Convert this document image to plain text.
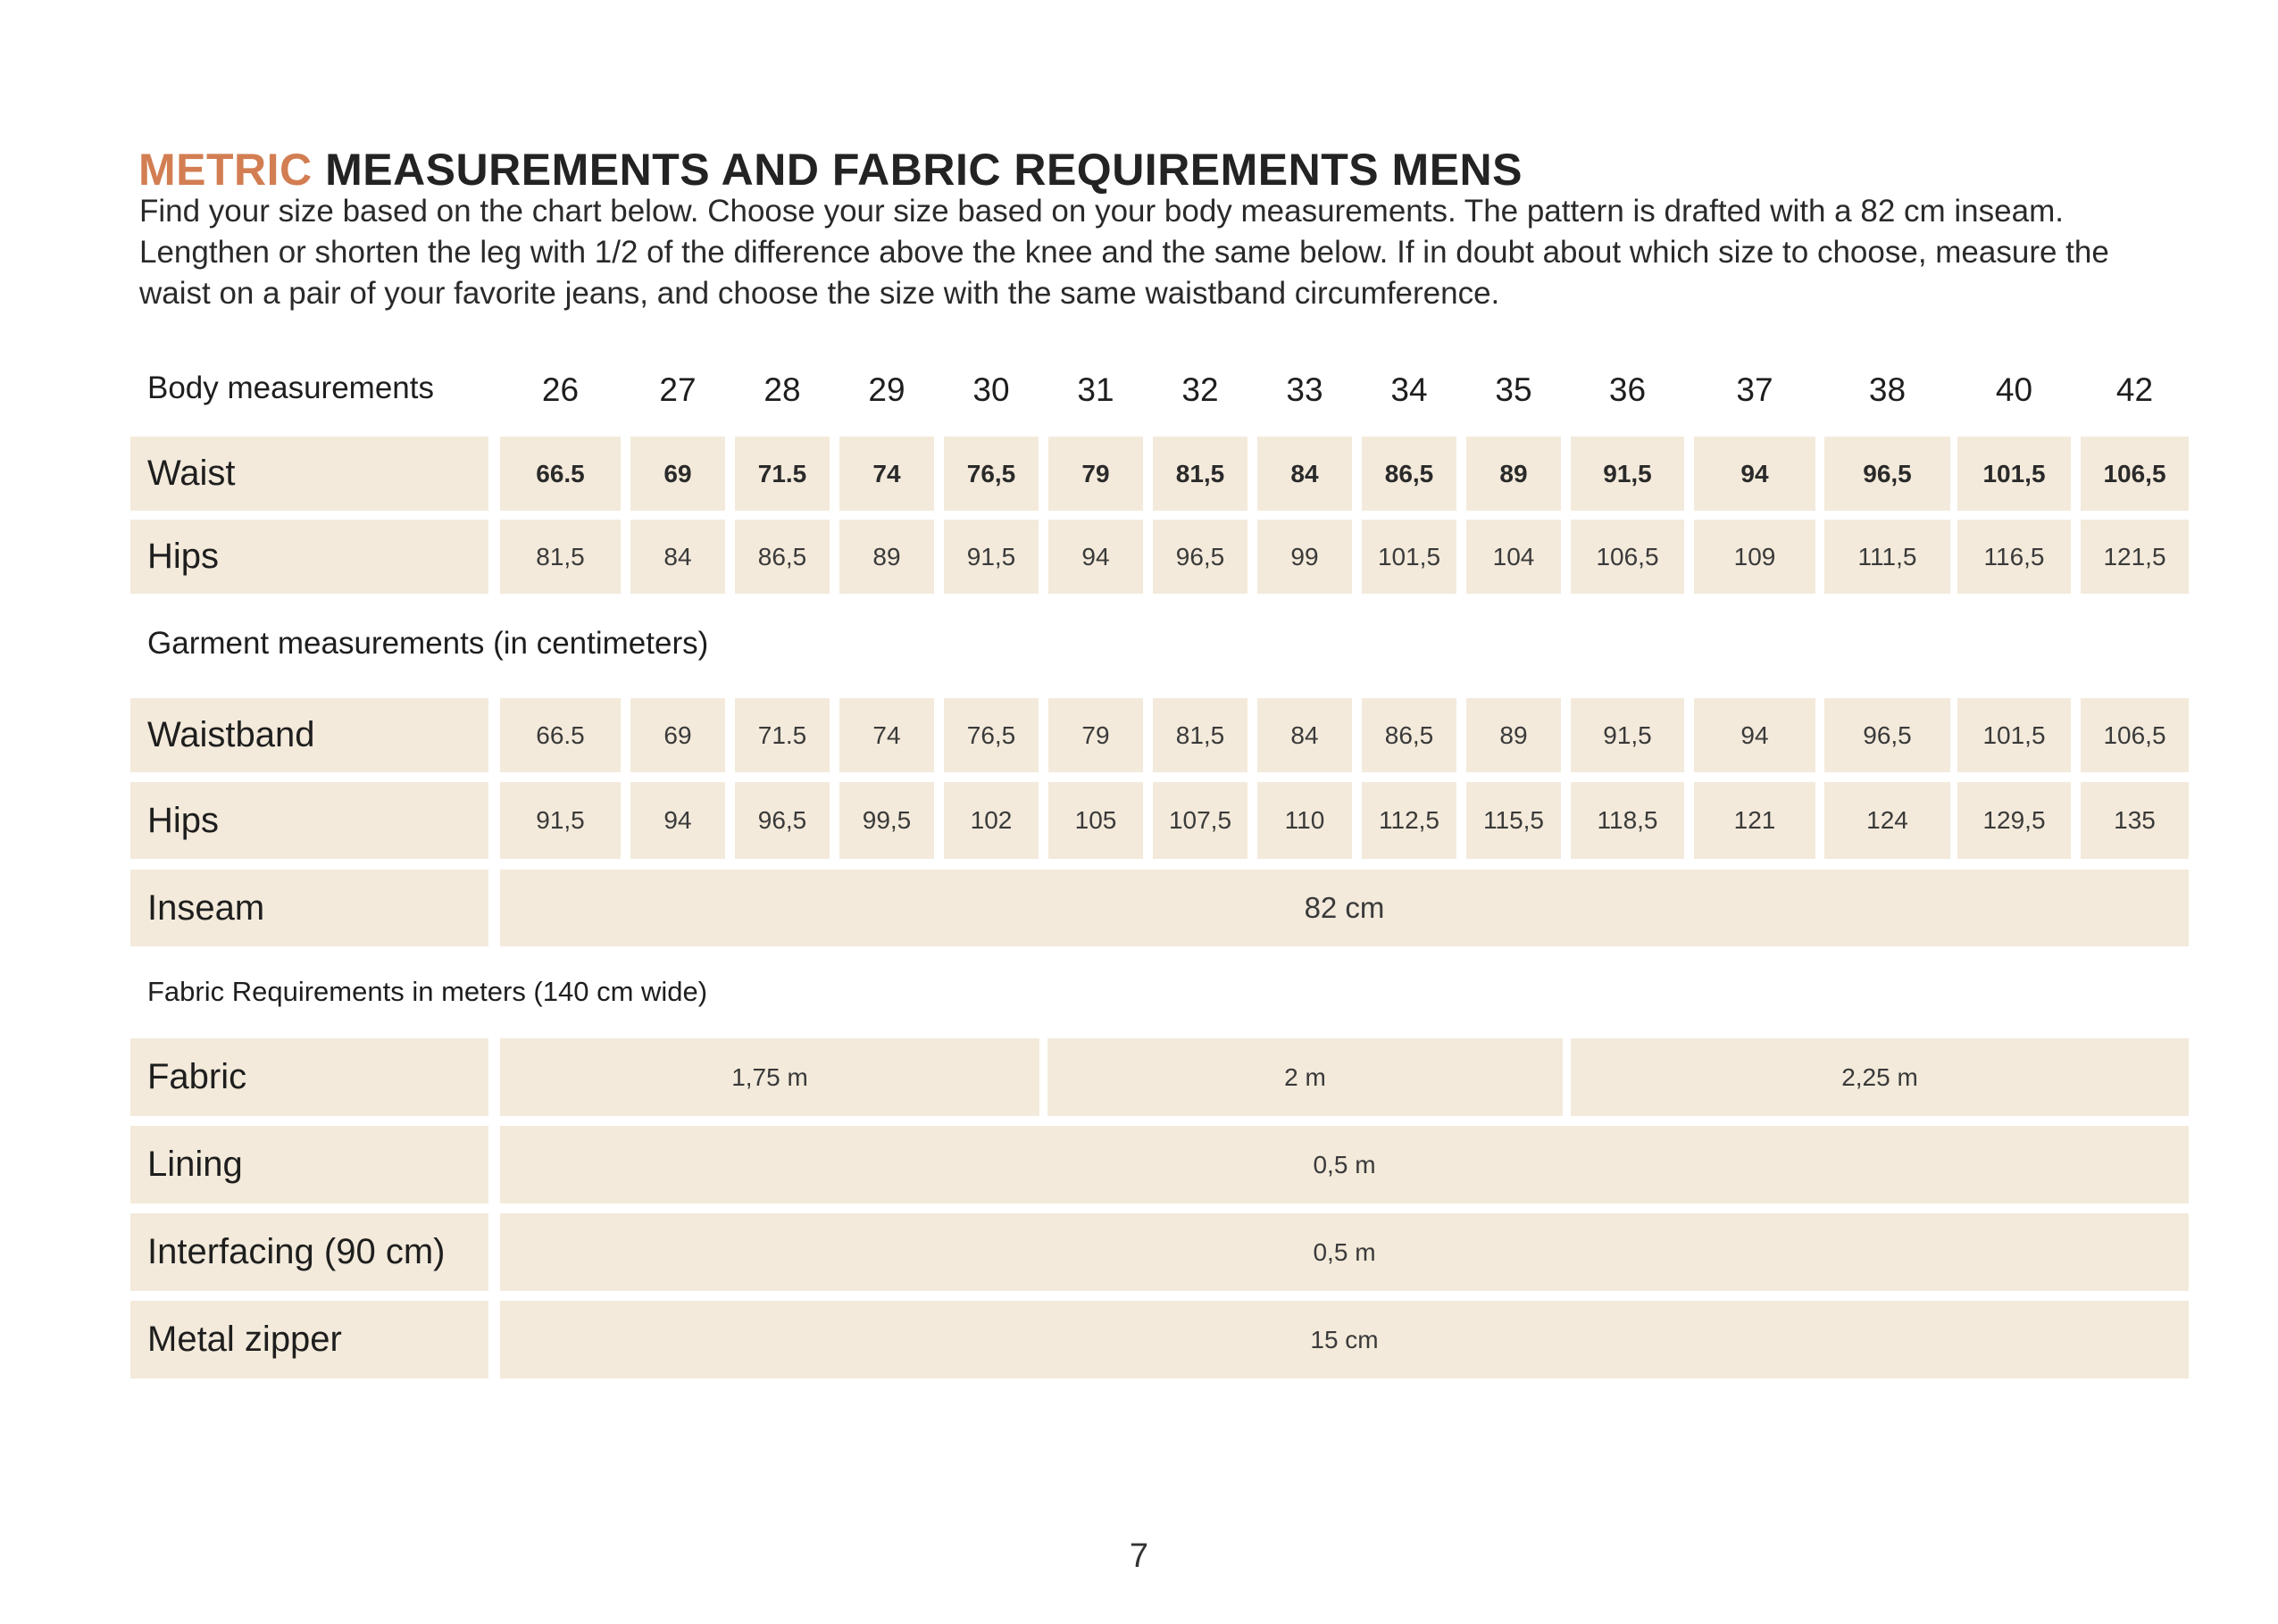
METRIC MEASUREMENTS AND FABRIC REQUIREMENTS MENS

Find your size based on the chart below. Choose your size based on your body measurements. The pattern is drafted with a 82 cm inseam. Lengthen or shorten the leg with 1/2 of the difference above the knee and the same below. If in doubt about which size to choose, measure the waist on a pair of your favorite jeans, and choose the size with the same waistband circumference.

Body measurements	26	27	28	29	30	31	32	33	34	35	36	37	38	40	42
Waist	66.5	69	71.5	74	76,5	79	81,5	84	86,5	89	91,5	94	96,5	101,5	106,5
Hips	81,5	84	86,5	89	91,5	94	96,5	99	101,5	104	106,5	109	111,5	116,5	121,5
Garment measurements (in centimeters)
Waistband	66.5	69	71.5	74	76,5	79	81,5	84	86,5	89	91,5	94	96,5	101,5	106,5
Hips	91,5	94	96,5	99,5	102	105	107,5	110	112,5	115,5	118,5	121	124	129,5	135
Inseam	82 cm
Fabric Requirements in meters (140 cm wide)
Fabric	1,75 m	2 m	2,25 m
Lining	0,5 m
Interfacing (90 cm)	0,5 m
Metal zipper	15 cm
7
